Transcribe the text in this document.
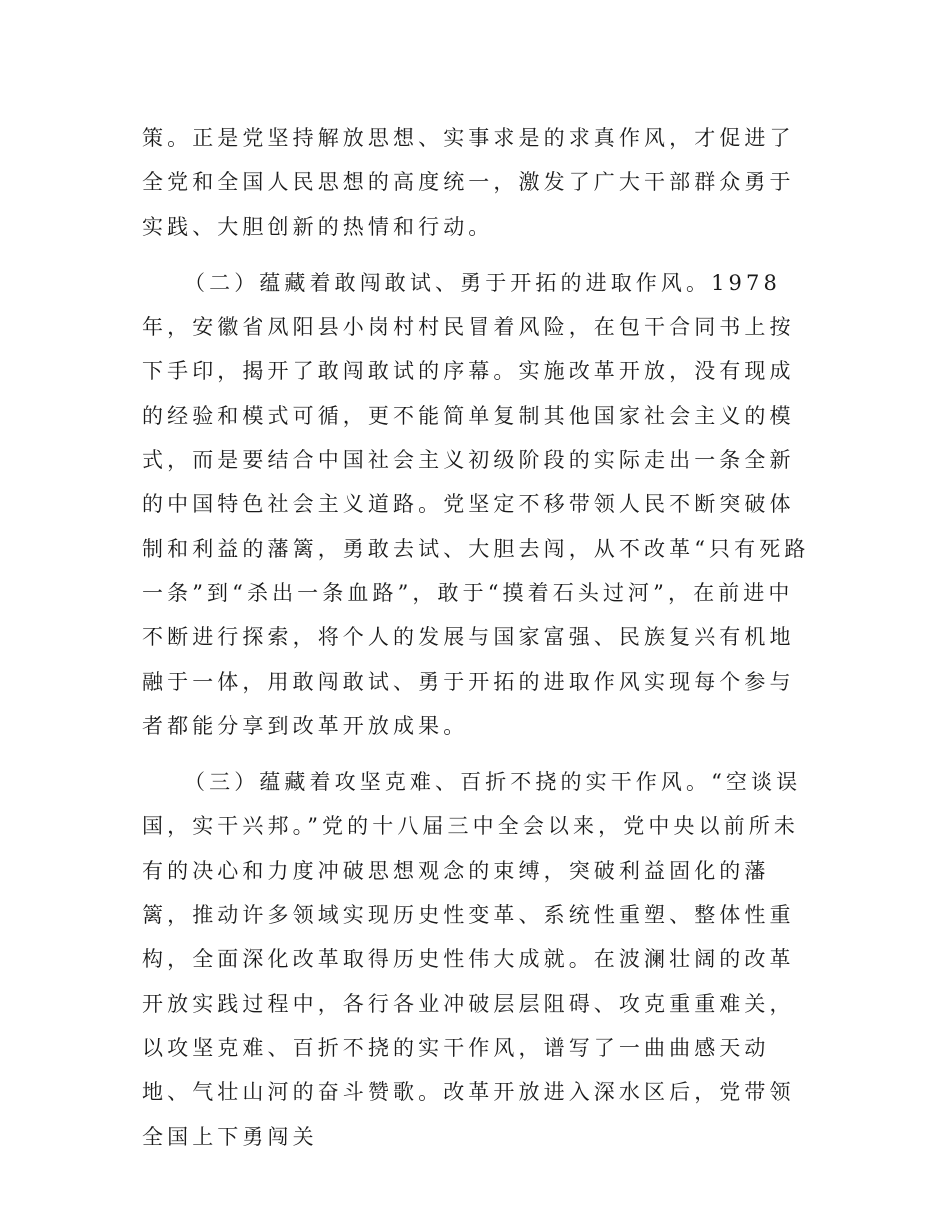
策。正是党坚持解放思想、实事求是的求真作风，才促进了全党和全国人民思想的高度统一，激发了广大干部群众勇于实践、大胆创新的热情和行动。

（二）蕴藏着敢闯敢试、勇于开拓的进取作风。1978年，安徽省凤阳县小岗村村民冒着风险，在包干合同书上按下手印，揭开了敢闯敢试的序幕。实施改革开放，没有现成的经验和模式可循，更不能简单复制其他国家社会主义的模式，而是要结合中国社会主义初级阶段的实际走出一条全新的中国特色社会主义道路。党坚定不移带领人民不断突破体制和利益的藩篱，勇敢去试、大胆去闯，从不改革“只有死路一条”到“杀出一条血路”，敢于“摸着石头过河”，在前进中不断进行探索，将个人的发展与国家富强、民族复兴有机地融于一体，用敢闯敢试、勇于开拓的进取作风实现每个参与者都能分享到改革开放成果。

（三）蕴藏着攻坚克难、百折不挠的实干作风。“空谈误国，实干兴邦。”党的十八届三中全会以来，党中央以前所未有的决心和力度冲破思想观念的束缚，突破利益固化的藩篱，推动许多领域实现历史性变革、系统性重塑、整体性重构，全面深化改革取得历史性伟大成就。在波澜壮阔的改革开放实践过程中，各行各业冲破层层阻碍、攻克重重难关，以攻坚克难、百折不挠的实干作风，谱写了一曲曲感天动地、气壮山河的奋斗赞歌。改革开放进入深水区后，党带领全国上下勇闯关
